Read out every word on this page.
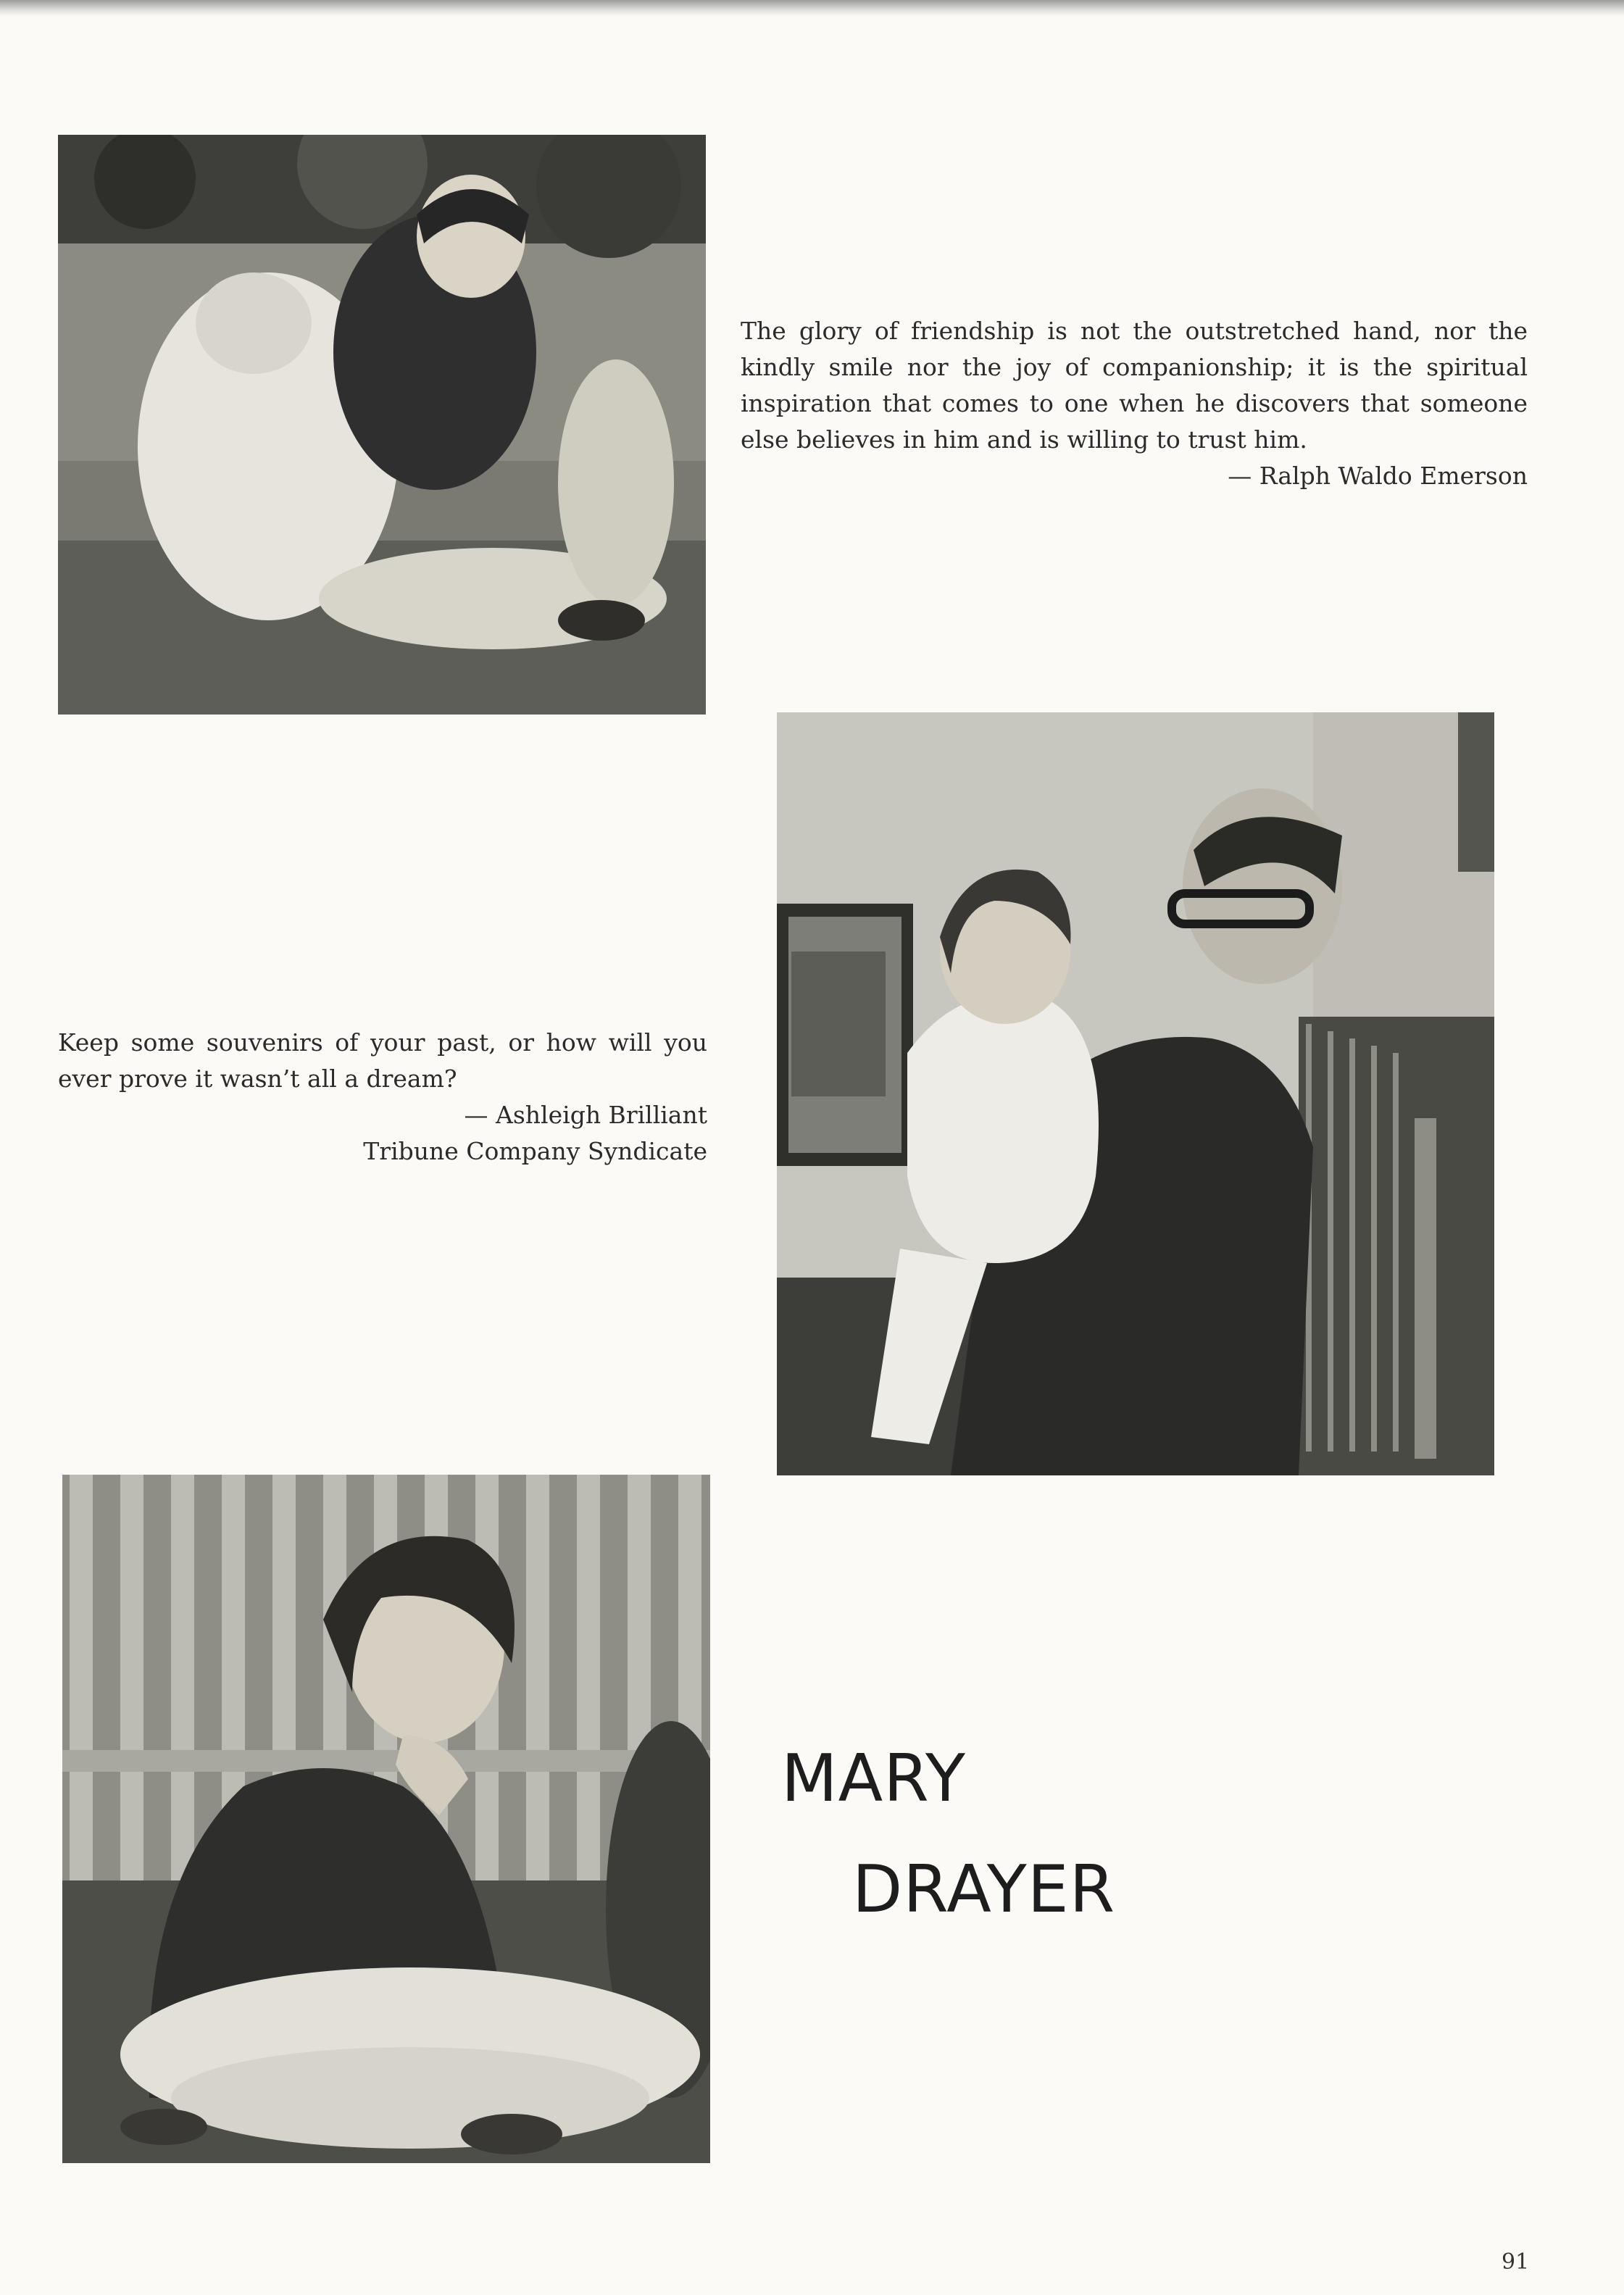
The glory of friendship is not the outstretched hand, nor the kindly smile nor the joy of companionship; it is the spiritual inspiration that comes to one when he discovers that someone else believes in him and is willing to trust him.

— Ralph Waldo Emerson

Keep some souvenirs of your past, or how will you ever prove it wasn’t all a dream?

— Ashleigh Brilliant

Tribune Company Syndicate

MARY
DRAYER
91
